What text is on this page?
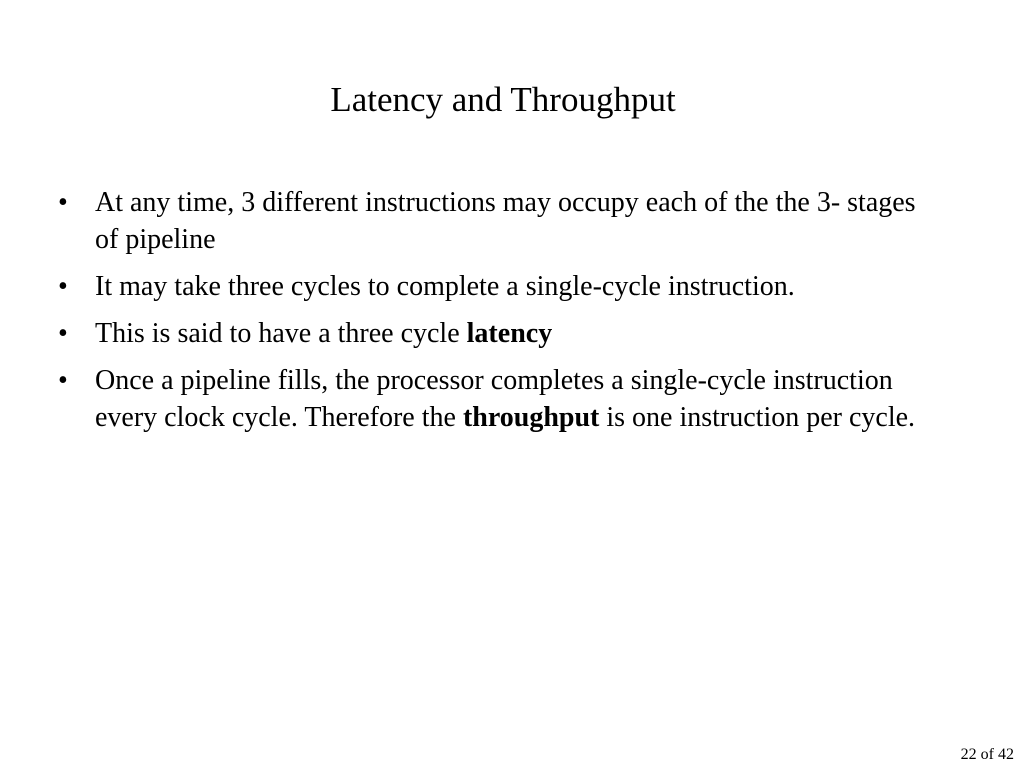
Latency and Throughput
• At any time, 3 different instructions may occupy each of the the 3- stages of pipeline
• It may take three cycles to complete a single-cycle instruction.
• This is said to have a three cycle latency
• Once a pipeline fills, the processor completes a single-cycle instruction every clock cycle. Therefore the throughput is one instruction per cycle.
22 of 42
